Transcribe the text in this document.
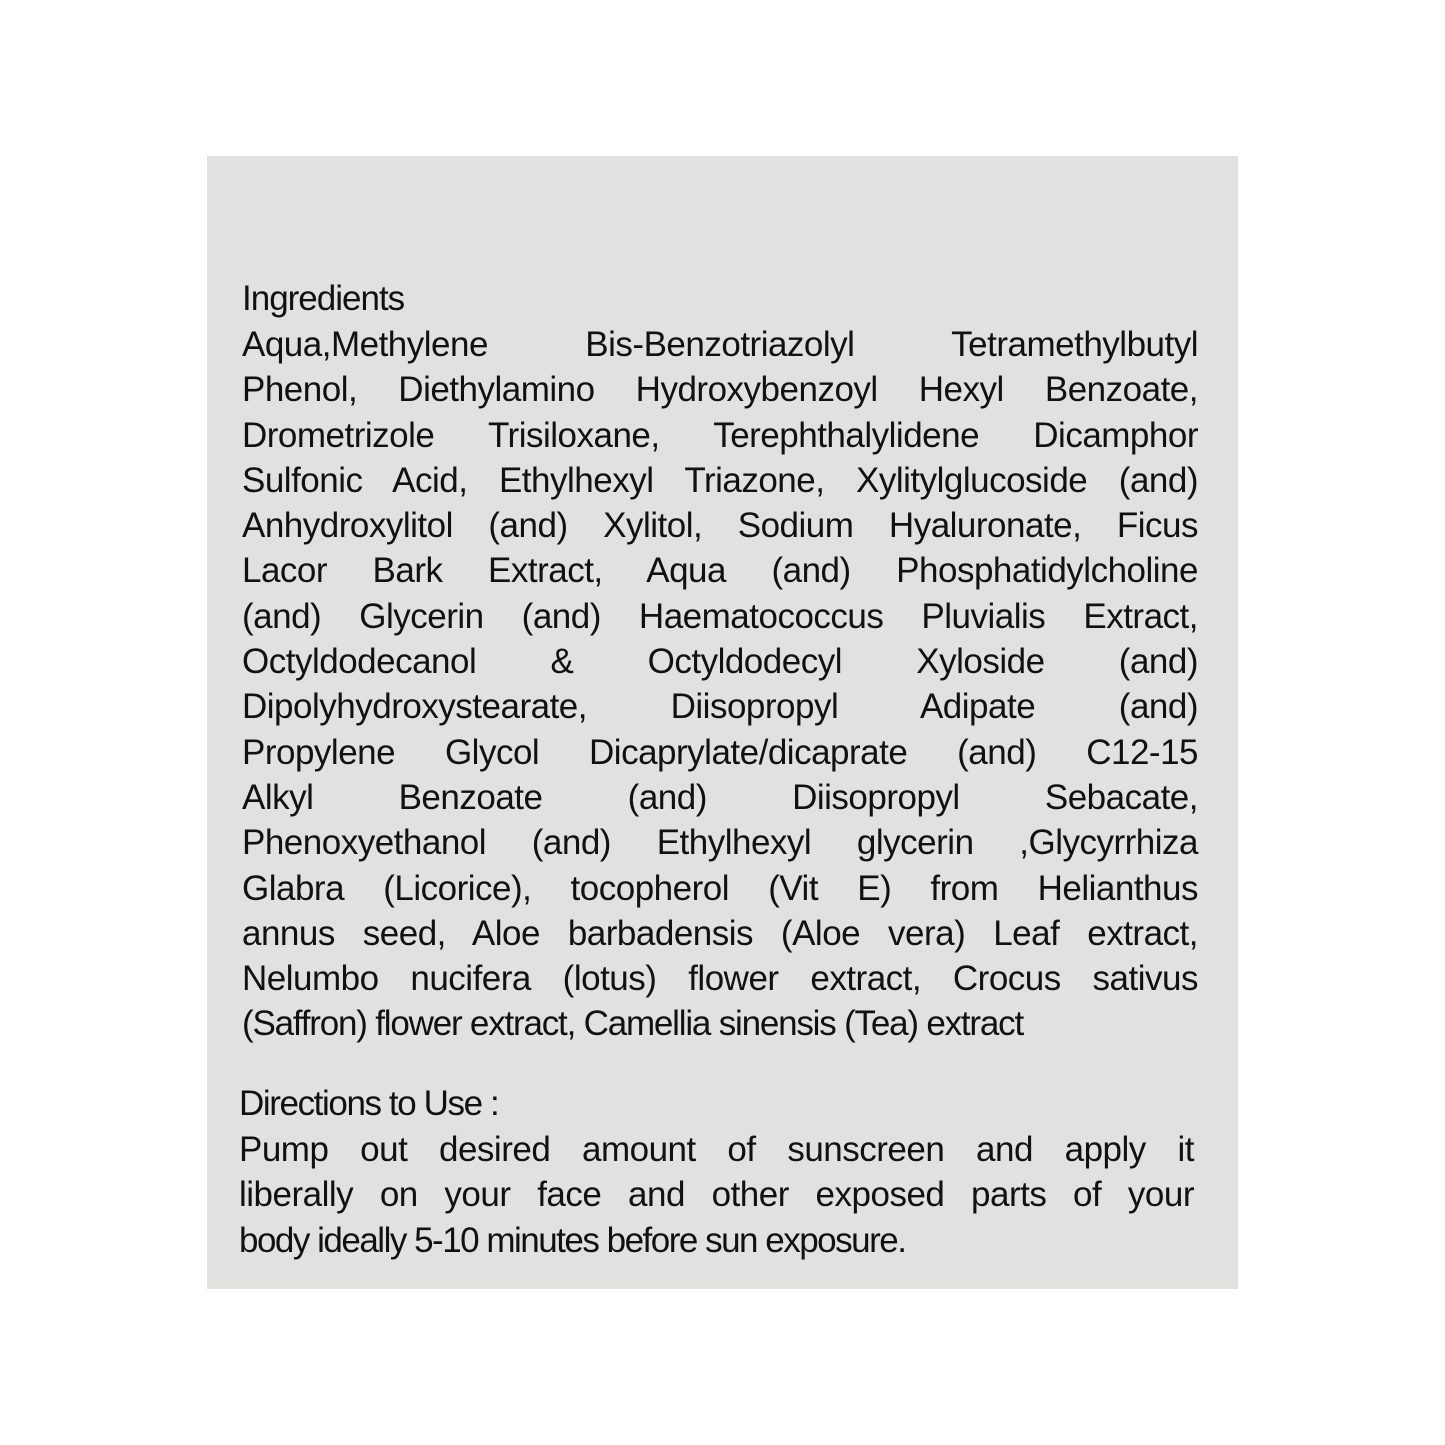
Ingredients
Aqua,Methylene Bis-Benzotriazolyl Tetramethylbutyl
Phenol, Diethylamino Hydroxybenzoyl Hexyl Benzoate,
Drometrizole Trisiloxane, Terephthalylidene Dicamphor
Sulfonic Acid, Ethylhexyl Triazone, Xylitylglucoside (and)
Anhydroxylitol (and) Xylitol, Sodium Hyaluronate, Ficus
Lacor Bark Extract, Aqua (and) Phosphatidylcholine
(and) Glycerin (and) Haematococcus Pluvialis Extract,
Octyldodecanol & Octyldodecyl Xyloside (and)
Dipolyhydroxystearate, Diisopropyl Adipate (and)
Propylene Glycol Dicaprylate/dicaprate (and) C12-15
Alkyl Benzoate (and) Diisopropyl Sebacate,
Phenoxyethanol (and) Ethylhexyl glycerin ,Glycyrrhiza
Glabra (Licorice), tocopherol (Vit E) from Helianthus
annus seed, Aloe barbadensis (Aloe vera) Leaf extract,
Nelumbo nucifera (lotus) flower extract, Crocus sativus
(Saffron) flower extract, Camellia sinensis (Tea) extract
Directions to Use :
Pump out desired amount of sunscreen and apply it
liberally on your face and other exposed parts of your
body ideally 5-10 minutes before sun exposure.
